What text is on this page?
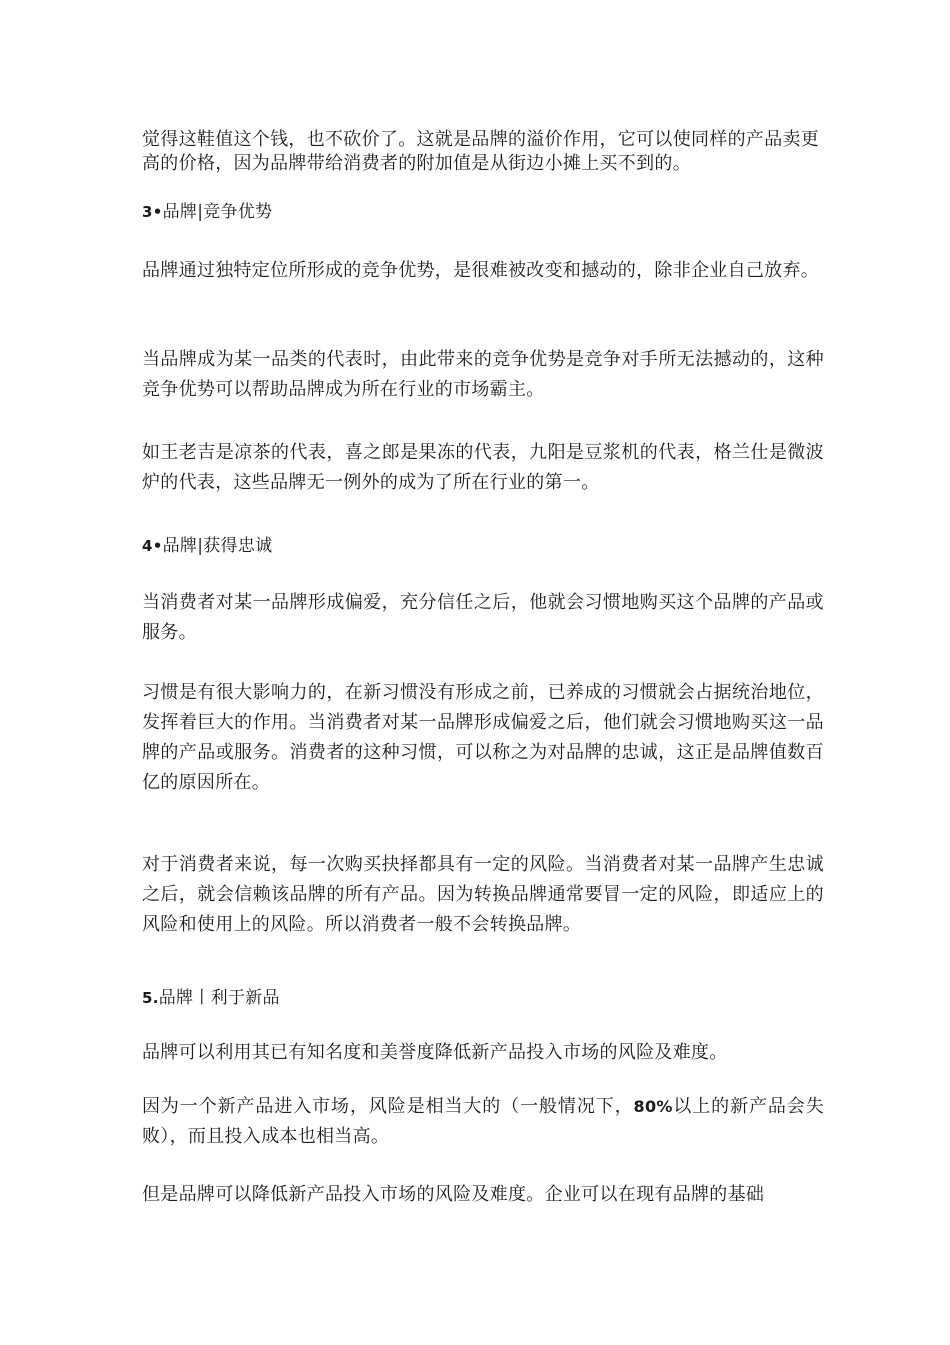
觉得这鞋值这个钱，也不砍价了。这就是品牌的溢价作用，它可以使同样的产品卖更高的价格，因为品牌带给消费者的附加值是从街边小摊上买不到的。

3•品牌|竞争优势

品牌通过独特定位所形成的竞争优势，是很难被改变和撼动的，除非企业自己放弃。

当品牌成为某一品类的代表时，由此带来的竞争优势是竞争对手所无法撼动的，这种竞争优势可以帮助品牌成为所在行业的市场霸主。

如王老吉是凉茶的代表，喜之郎是果冻的代表，九阳是豆浆机的代表，格兰仕是微波炉的代表，这些品牌无一例外的成为了所在行业的第一。

4•品牌|获得忠诚

当消费者对某一品牌形成偏爱，充分信任之后，他就会习惯地购买这个品牌的产品或服务。

习惯是有很大影响力的，在新习惯没有形成之前，已养成的习惯就会占据统治地位，发挥着巨大的作用。当消费者对某一品牌形成偏爱之后，他们就会习惯地购买这一品牌的产品或服务。消费者的这种习惯，可以称之为对品牌的忠诚，这正是品牌值数百亿的原因所在。

对于消费者来说，每一次购买抉择都具有一定的风险。当消费者对某一品牌产生忠诚之后，就会信赖该品牌的所有产品。因为转换品牌通常要冒一定的风险，即适应上的风险和使用上的风险。所以消费者一般不会转换品牌。

5.品牌丨利于新品

品牌可以利用其已有知名度和美誉度降低新产品投入市场的风险及难度。

因为一个新产品进入市场，风险是相当大的（一般情况下，80%以上的新产品会失败），而且投入成本也相当高。

但是品牌可以降低新产品投入市场的风险及难度。企业可以在现有品牌的基础
